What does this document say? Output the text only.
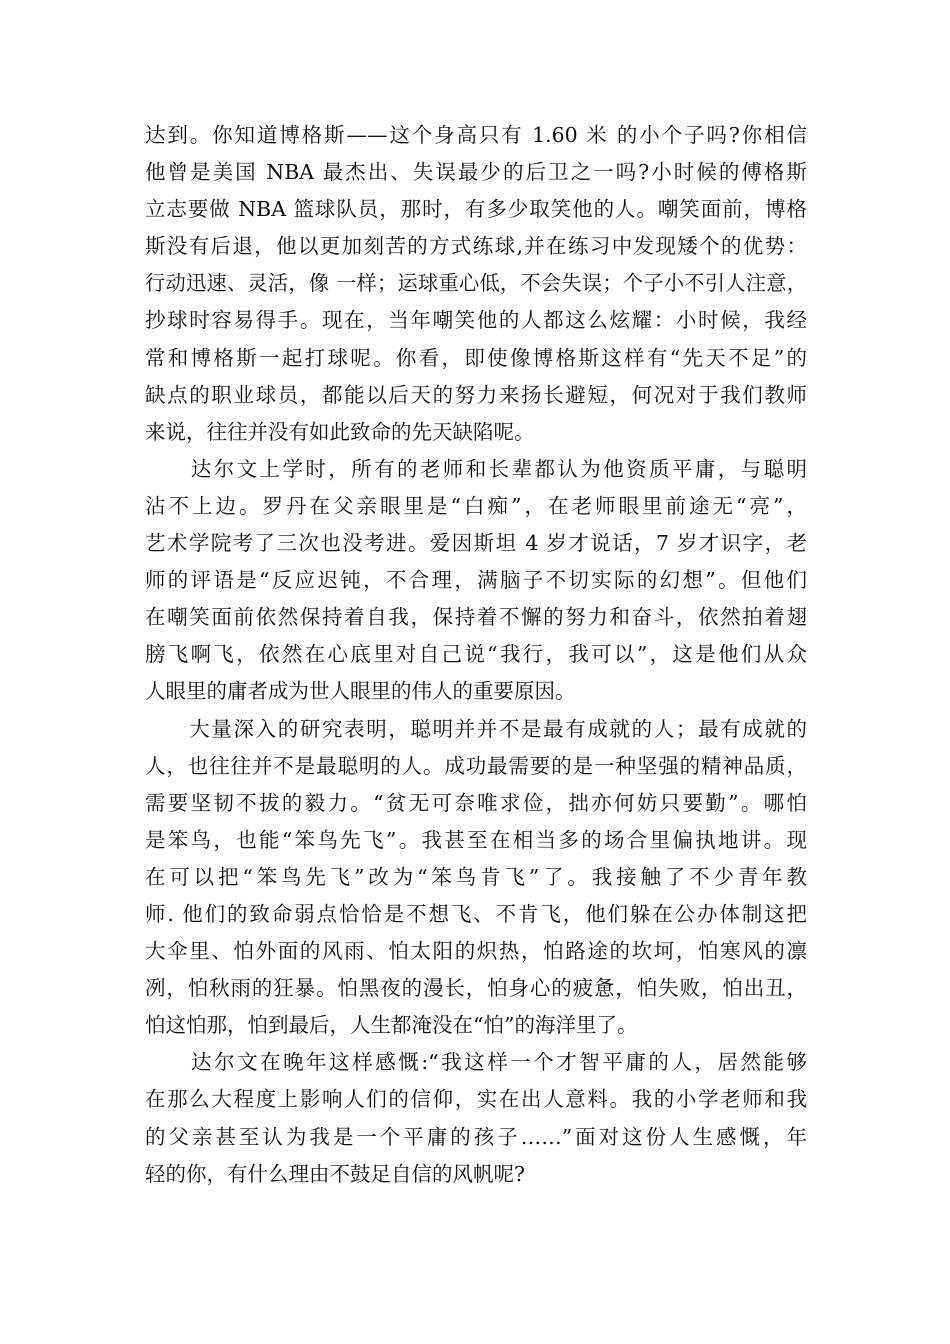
达到。你知道博格斯——这个身高只有 1.60 米 的小个子吗?你相信
他曾是美国 NBA 最杰出、失误最少的后卫之一吗?小时候的傅格斯
立志要做 NBA 篮球队员，那时，有多少取笑他的人。嘲笑面前，博格
斯没有后退，他以更加刻苦的方式练球,并在练习中发现矮个的优势：
行动迅速、灵活，像 一样；运球重心低，不会失误；个子小不引人注意，
抄球时容易得手。现在，当年嘲笑他的人都这么炫耀：小时候，我经
常和博格斯一起打球呢。你看，即使像博格斯这样有“先天不足”的
缺点的职业球员，都能以后天的努力来扬长避短，何况对于我们教师
来说，往往并没有如此致命的先天缺陷呢。
　　达尔文上学时，所有的老师和长辈都认为他资质平庸，与聪明
沾不上边。罗丹在父亲眼里是“白痴”，在老师眼里前途无“亮”，
艺术学院考了三次也没考进。爱因斯坦 4 岁才说话，7 岁才识字，老
师的评语是“反应迟钝，不合理，满脑子不切实际的幻想”。但他们
在嘲笑面前依然保持着自我，保持着不懈的努力和奋斗，依然拍着翅
膀飞啊飞，依然在心底里对自己说“我行，我可以”，这是他们从众
人眼里的庸者成为世人眼里的伟人的重要原因。
　　大量深入的研究表明，聪明并并不是最有成就的人；最有成就的
人，也往往并不是最聪明的人。成功最需要的是一种坚强的精神品质，
需要坚韧不拔的毅力。“贫无可奈唯求俭，拙亦何妨只要勤”。哪怕
是笨鸟，也能“笨鸟先飞”。我甚至在相当多的场合里偏执地讲。现
在可以把“笨鸟先飞”改为“笨鸟肯飞”了。我接触了不少青年教
师. 他们的致命弱点恰恰是不想飞、不肯飞，他们躲在公办体制这把
大伞里、怕外面的风雨、怕太阳的炽热，怕路途的坎坷，怕寒风的凛
冽，怕秋雨的狂暴。怕黑夜的漫长，怕身心的疲惫，怕失败，怕出丑，
怕这怕那，怕到最后，人生都淹没在“怕”的海洋里了。
　　达尔文在晚年这样感慨:“我这样一个才智平庸的人，居然能够
在那么大程度上影响人们的信仰，实在出人意料。我的小学老师和我
的父亲甚至认为我是一个平庸的孩子……”面对这份人生感慨，年
轻的你，有什么理由不鼓足自信的风帆呢?
